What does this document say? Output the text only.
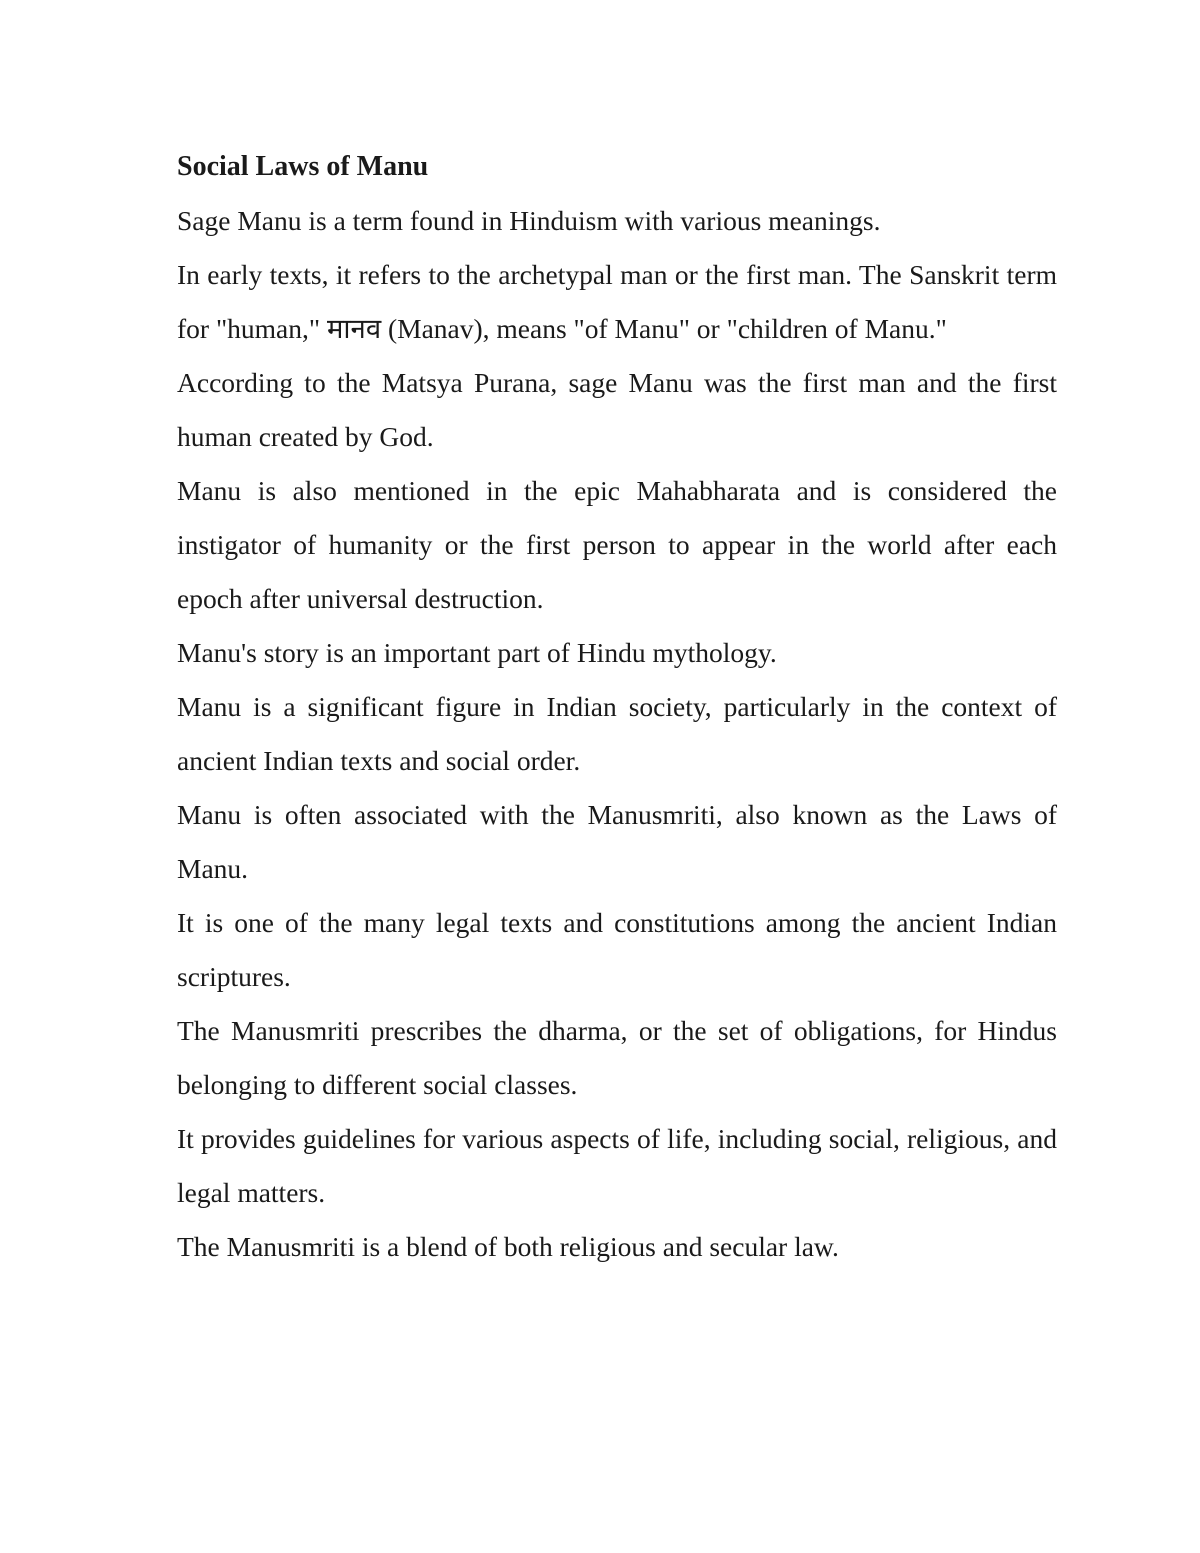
Social Laws of Manu

Sage Manu is a term found in Hinduism with various meanings.

In early texts, it refers to the archetypal man or the first man. The Sanskrit term for "human," मानव (Manav), means "of Manu" or "children of Manu."

According to the Matsya Purana, sage Manu was the first man and the first human created by God.

Manu is also mentioned in the epic Mahabharata and is considered the instigator of humanity or the first person to appear in the world after each epoch after universal destruction.

Manu's story is an important part of Hindu mythology.

Manu is a significant figure in Indian society, particularly in the context of ancient Indian texts and social order.

Manu is often associated with the Manusmriti, also known as the Laws of Manu.

It is one of the many legal texts and constitutions among the ancient Indian scriptures.

The Manusmriti prescribes the dharma, or the set of obligations, for Hindus belonging to different social classes.

It provides guidelines for various aspects of life, including social, religious, and legal matters.

The Manusmriti is a blend of both religious and secular law.
